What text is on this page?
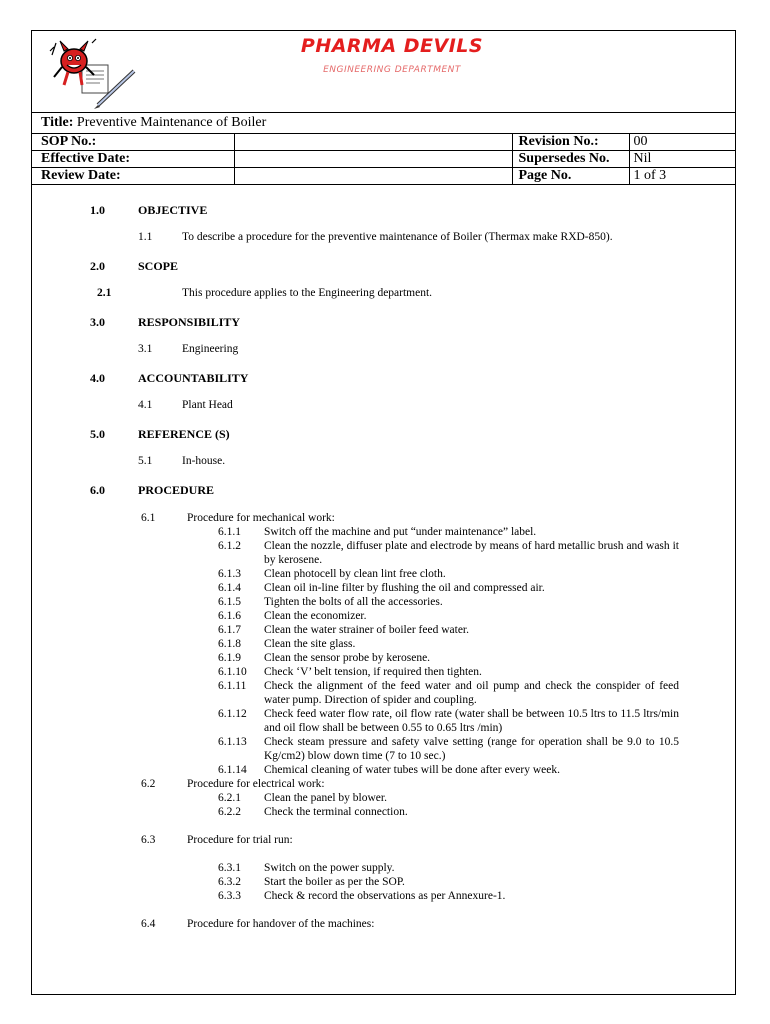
PHARMA DEVILS
ENGINEERING DEPARTMENT
Title: Preventive Maintenance of Boiler
SOP No.:		Revision No.:	00
Effective Date:		Supersedes No.	Nil
Review Date:		Page No.	1 of 3
1.0	OBJECTIVE
1.1	To describe a procedure for the preventive maintenance of Boiler (Thermax make RXD-850).
2.0	SCOPE
2.1	This procedure applies to the Engineering department.
3.0	RESPONSIBILITY
3.1	Engineering
4.0	ACCOUNTABILITY
4.1	Plant Head
5.0	REFERENCE (S)
5.1	In-house.
6.0	PROCEDURE
6.1	Procedure for mechanical work:
6.1.1 Switch off the machine and put “under maintenance” label.
6.1.2 Clean the nozzle, diffuser plate and electrode by means of hard metallic brush and wash it by kerosene.
6.1.3 Clean photocell by clean lint free cloth.
6.1.4 Clean oil in-line filter by flushing the oil and compressed air.
6.1.5 Tighten the bolts of all the accessories.
6.1.6 Clean the economizer.
6.1.7 Clean the water strainer of boiler feed water.
6.1.8 Clean the site glass.
6.1.9 Clean the sensor probe by kerosene.
6.1.10 Check ‘V’ belt tension, if required then tighten.
6.1.11 Check the alignment of the feed water and oil pump and check the conspider of feed water pump. Direction of spider and coupling.
6.1.12 Check feed water flow rate, oil flow rate (water shall be between 10.5 ltrs to 11.5 ltrs/min and oil flow shall be between 0.55 to 0.65 ltrs /min)
6.1.13 Check steam pressure and safety valve setting (range for operation shall be 9.0 to 10.5 Kg/cm2) blow down time (7 to 10 sec.)
6.1.14 Chemical cleaning of water tubes will be done after every week.
6.2	Procedure for electrical work:
6.2.1 Clean the panel by blower.
6.2.2 Check the terminal connection.
6.3	Procedure for trial run:
6.3.1 Switch on the power supply.
6.3.2 Start the boiler as per the SOP.
6.3.3 Check & record the observations as per Annexure-1.
6.4	Procedure for handover of the machines:
